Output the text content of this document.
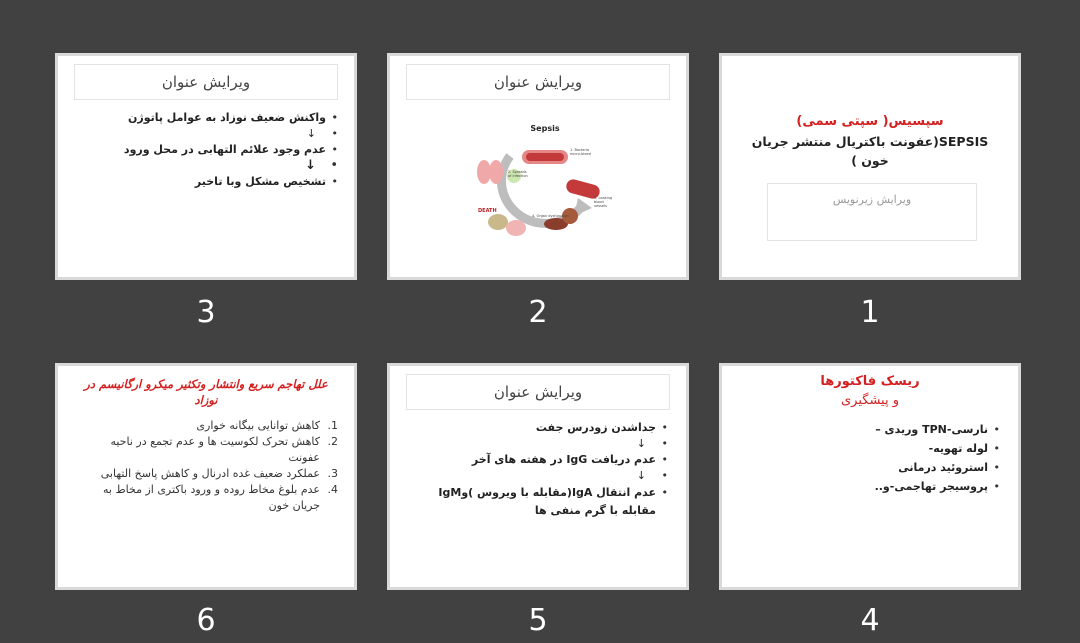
سپسیس( سپتی سمی)
SEPSIS(عفونت باکتریال منتشر جریان خون )
ویرایش زیرنویس
1
ویرایش عنوان
Sepsis
DEATH
1. Bacteria
micro-bleed
2. Spreads
of infection
3. Leaking
blood
vessels
4. Organ dysfunction
2
ویرایش عنوان
• واکنش ضعیف نوزاد به عوامل پاتوژن
• ↓
• عدم وجود علائم التهابی در محل ورود
• ↓
• تشخیص مشکل وبا تاخیر
3
ریسک فاکتورها
و پیشگیری
• نارسی-TPN وریدی –
• لوله تهویه-
• استروئید درمانی
• پروسیجر تهاجمی-و..
4
ویرایش عنوان
• جداشدن زودرس جفت
• ↓
• عدم دریافت IgG در هفته های آخر
• ↓
• عدم انتقال IgA(مقابله با ویروس )وIgM مقابله با گرم منفی ها
5
علل تهاجم سریع وانتشار وتکثیر میکرو ارگانیسم در نوزاد
1.
کاهش توانایی بیگانه خواری
2.
کاهش تحرک لکوسیت ها و عدم تجمع در ناحیه عفونت
3.
عملکرد ضعیف غده ادرنال و کاهش پاسخ التهابی
4.
عدم بلوغ مخاط روده و ورود باکتری از مخاط به جریان خون
6
